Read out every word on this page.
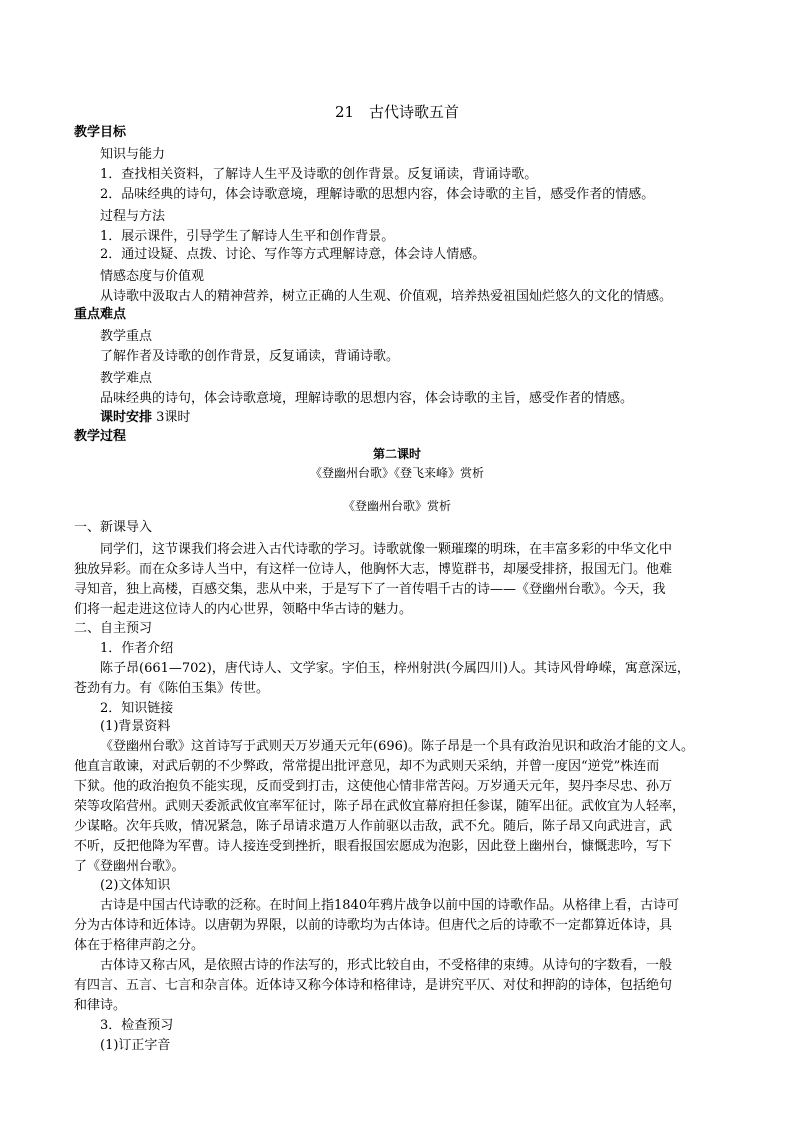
21　古代诗歌五首
教学目标
知识与能力
1．查找相关资料，了解诗人生平及诗歌的创作背景。反复诵读，背诵诗歌。
2．品味经典的诗句，体会诗歌意境，理解诗歌的思想内容，体会诗歌的主旨，感受作者的情感。
过程与方法
1．展示课件，引导学生了解诗人生平和创作背景。
2．通过设疑、点拨、讨论、写作等方式理解诗意，体会诗人情感。
情感态度与价值观
从诗歌中汲取古人的精神营养，树立正确的人生观、价值观，培养热爱祖国灿烂悠久的文化的情感。
重点难点
教学重点
了解作者及诗歌的创作背景，反复诵读，背诵诗歌。
教学难点
品味经典的诗句，体会诗歌意境，理解诗歌的思想内容，体会诗歌的主旨，感受作者的情感。
课时安排 3课时
教学过程
第二课时
《登幽州台歌》《登飞来峰》赏析
《登幽州台歌》赏析
一、新课导入
同学们，这节课我们将会进入古代诗歌的学习。诗歌就像一颗璀璨的明珠，在丰富多彩的中华文化中
独放异彩。而在众多诗人当中，有这样一位诗人，他胸怀大志，博览群书，却屡受排挤，报国无门。他难
寻知音，独上高楼，百感交集，悲从中来，于是写下了一首传唱千古的诗——《登幽州台歌》。今天，我
们将一起走进这位诗人的内心世界，领略中华古诗的魅力。
二、自主预习
1．作者介绍
陈子昂(661—702)，唐代诗人、文学家。字伯玉，梓州射洪(今属四川)人。其诗风骨峥嵘，寓意深远，
苍劲有力。有《陈伯玉集》传世。
2．知识链接
(1)背景资料
《登幽州台歌》这首诗写于武则天万岁通天元年(696)。陈子昂是一个具有政治见识和政治才能的文人。
他直言敢谏，对武后朝的不少弊政，常常提出批评意见，却不为武则天采纳，并曾一度因“逆党”株连而
下狱。他的政治抱负不能实现，反而受到打击，这使他心情非常苦闷。万岁通天元年，契丹李尽忠、孙万
荣等攻陷营州。武则天委派武攸宜率军征讨，陈子昂在武攸宜幕府担任参谋，随军出征。武攸宜为人轻率，
少谋略。次年兵败，情况紧急，陈子昂请求遣万人作前驱以击敌，武不允。随后，陈子昂又向武进言，武
不听，反把他降为军曹。诗人接连受到挫折，眼看报国宏愿成为泡影，因此登上幽州台，慷慨悲吟，写下
了《登幽州台歌》。
(2)文体知识
古诗是中国古代诗歌的泛称。在时间上指1840年鸦片战争以前中国的诗歌作品。从格律上看，古诗可
分为古体诗和近体诗。以唐朝为界限，以前的诗歌均为古体诗。但唐代之后的诗歌不一定都算近体诗，具
体在于格律声韵之分。
古体诗又称古风，是依照古诗的作法写的，形式比较自由，不受格律的束缚。从诗句的字数看，一般
有四言、五言、七言和杂言体。近体诗又称今体诗和格律诗，是讲究平仄、对仗和押韵的诗体，包括绝句
和律诗。
3．检查预习
(1)订正字音
